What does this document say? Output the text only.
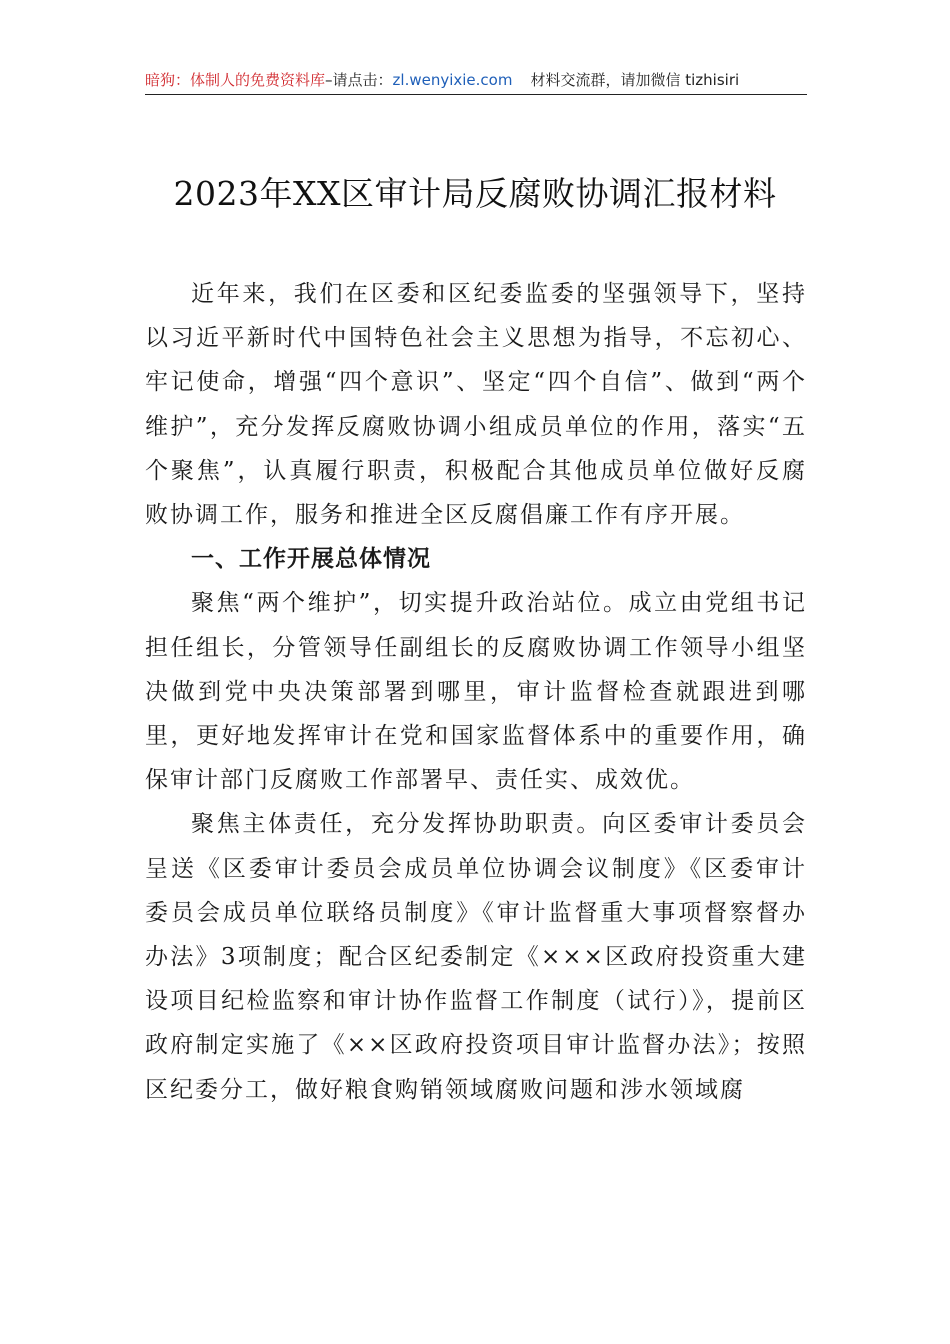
暗狗：体制人的免费资料库–请点击：zl.wenyixie.com 材料交流群，请加微信 tizhisiri
2023年XX区审计局反腐败协调汇报材料

近年来，我们在区委和区纪委监委的坚强领导下，坚持以习近平新时代中国特色社会主义思想为指导，不忘初心、牢记使命，增强“四个意识”、坚定“四个自信”、做到“两个维护”，充分发挥反腐败协调小组成员单位的作用，落实“五个聚焦”，认真履行职责，积极配合其他成员单位做好反腐败协调工作，服务和推进全区反腐倡廉工作有序开展。

一、工作开展总体情况

聚焦“两个维护”，切实提升政治站位。成立由党组书记担任组长，分管领导任副组长的反腐败协调工作领导小组坚决做到党中央决策部署到哪里，审计监督检查就跟进到哪里，更好地发挥审计在党和国家监督体系中的重要作用，确保审计部门反腐败工作部署早、责任实、成效优。

聚焦主体责任，充分发挥协助职责。向区委审计委员会呈送《区委审计委员会成员单位协调会议制度》《区委审计委员会成员单位联络员制度》《审计监督重大事项督察督办办法》3项制度；配合区纪委制定《×××区政府投资重大建设项目纪检监察和审计协作监督工作制度（试行）》，提前区政府制定实施了《××区政府投资项目审计监督办法》；按照区纪委分工，做好粮食购销领域腐败问题和涉水领域腐
